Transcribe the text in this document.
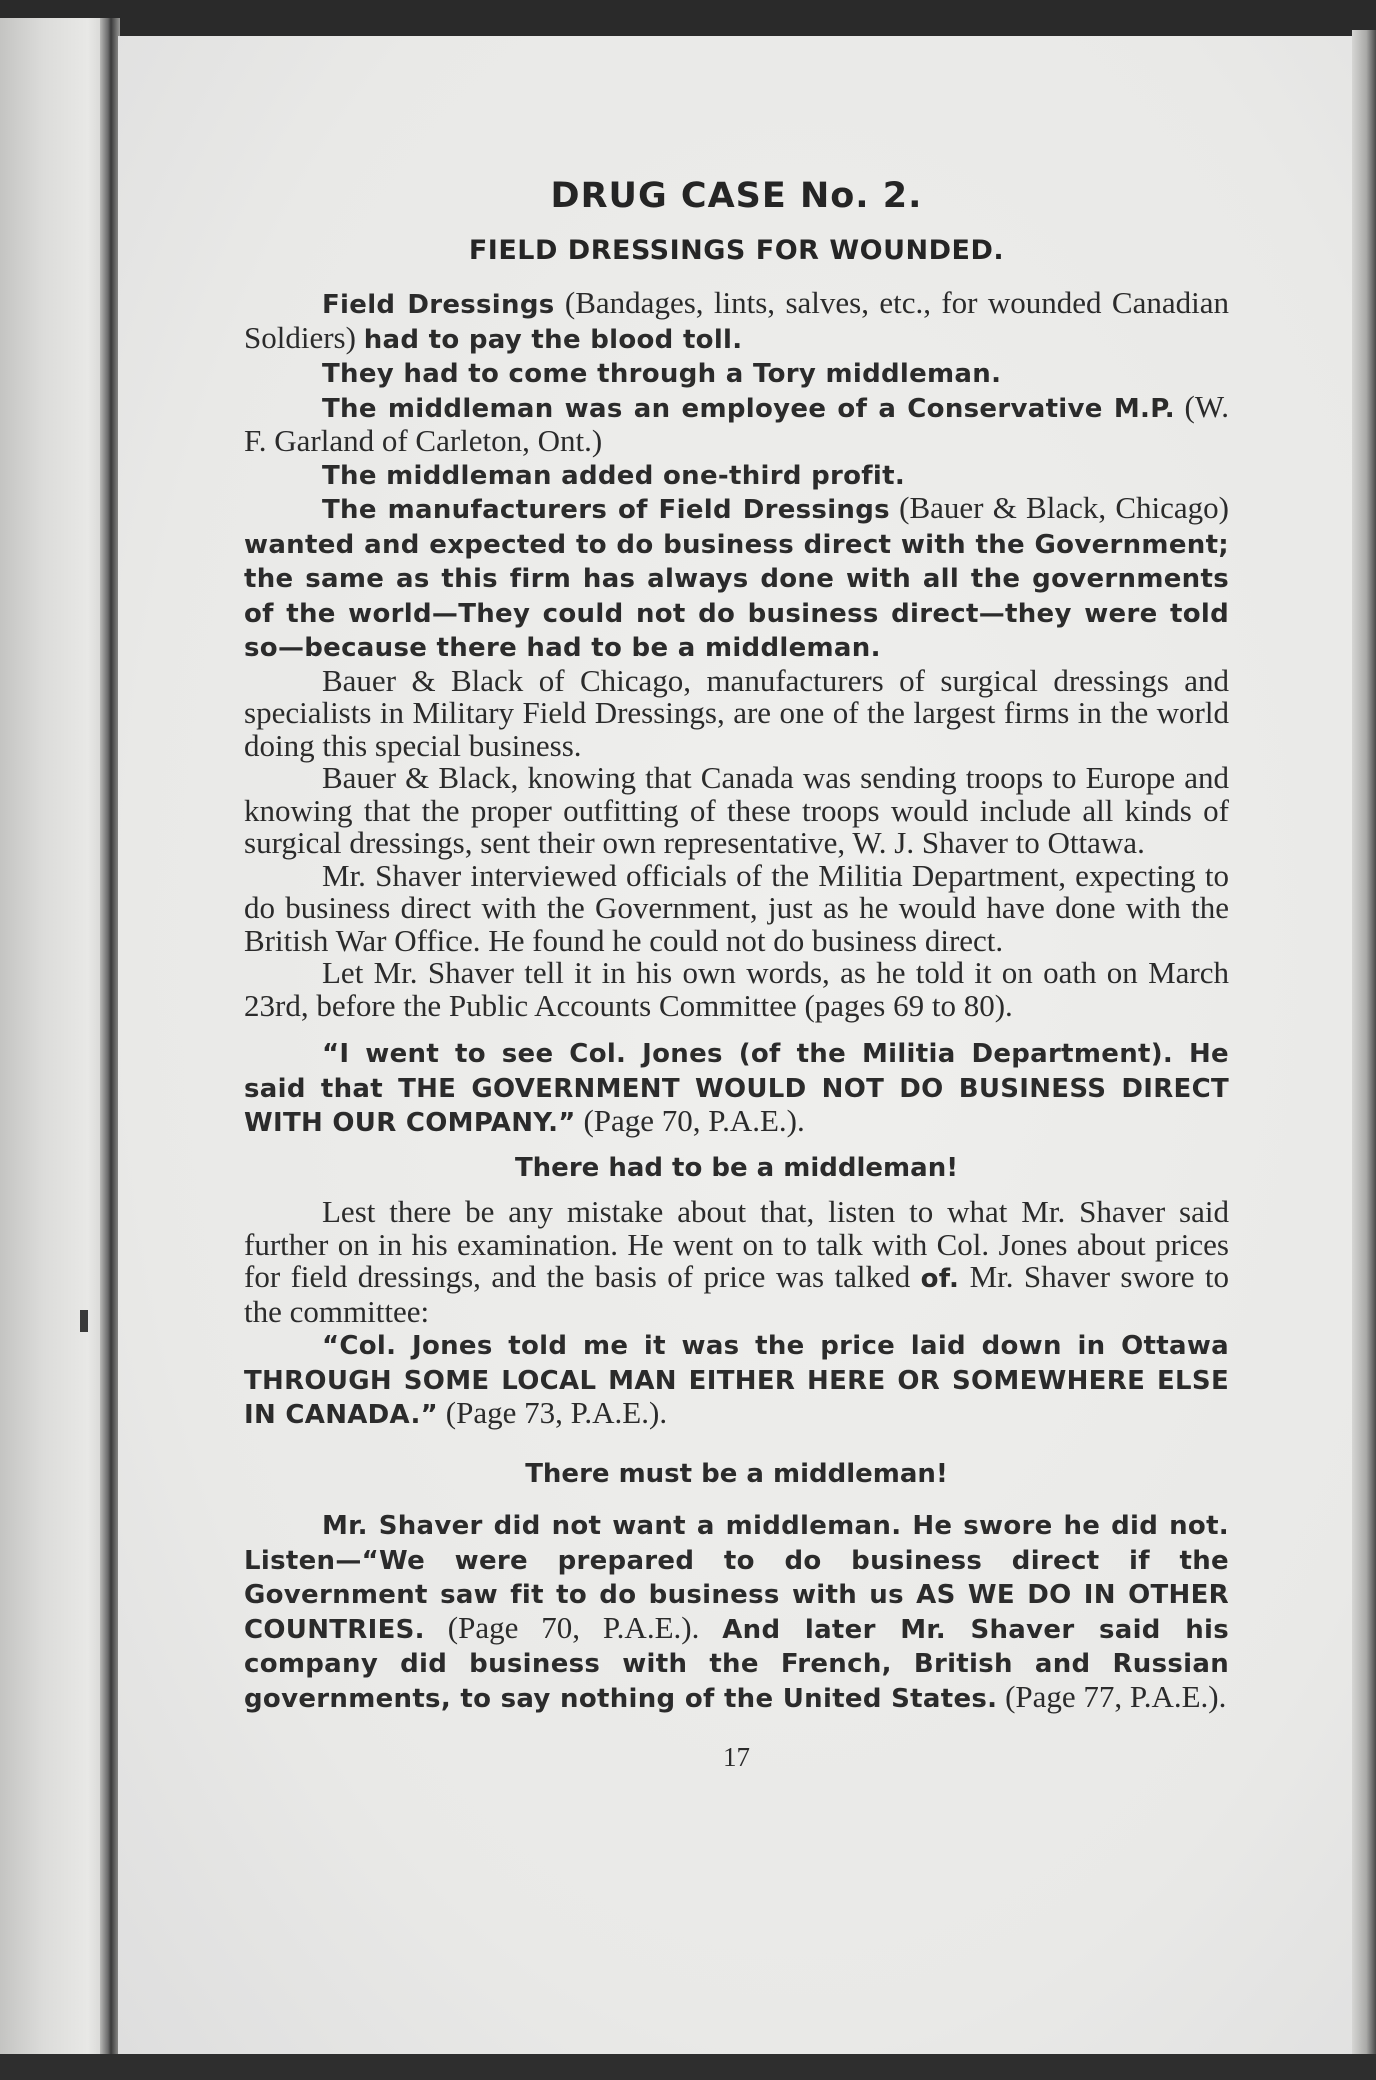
DRUG CASE No. 2.
FIELD DRESSINGS FOR WOUNDED.

Field Dressings (Bandages, lints, salves, etc., for wounded Canadian Soldiers) had to pay the blood toll.

They had to come through a Tory middleman.

The middleman was an employee of a Conservative M.P. (W. F. Garland of Carleton, Ont.)

The middleman added one-third profit.

The manufacturers of Field Dressings (Bauer & Black, Chicago) wanted and expected to do business direct with the Government; the same as this firm has always done with all the governments of the world—They could not do business direct—they were told so—because there had to be a middleman.

Bauer & Black of Chicago, manufacturers of surgical dressings and specialists in Military Field Dressings, are one of the largest firms in the world doing this special business.

Bauer & Black, knowing that Canada was sending troops to Europe and knowing that the proper outfitting of these troops would include all kinds of surgical dressings, sent their own representative, W. J. Shaver to Ottawa.

Mr. Shaver interviewed officials of the Militia Department, expecting to do business direct with the Government, just as he would have done with the British War Office. He found he could not do business direct.

Let Mr. Shaver tell it in his own words, as he told it on oath on March 23rd, before the Public Accounts Committee (pages 69 to 80).

“I went to see Col. Jones (of the Militia Department). He said that THE GOVERNMENT WOULD NOT DO BUSINESS DIRECT WITH OUR COMPANY.” (Page 70, P.A.E.).

There had to be a middleman!

Lest there be any mistake about that, listen to what Mr. Shaver said further on in his examination. He went on to talk with Col. Jones about prices for field dressings, and the basis of price was talked of. Mr. Shaver swore to the committee:

“Col. Jones told me it was the price laid down in Ottawa THROUGH SOME LOCAL MAN EITHER HERE OR SOMEWHERE ELSE IN CANADA.” (Page 73, P.A.E.).

There must be a middleman!

Mr. Shaver did not want a middleman. He swore he did not. Listen—“We were prepared to do business direct if the Government saw fit to do business with us AS WE DO IN OTHER COUNTRIES. (Page 70, P.A.E.). And later Mr. Shaver said his company did business with the French, British and Russian governments, to say nothing of the United States. (Page 77, P.A.E.).

17
